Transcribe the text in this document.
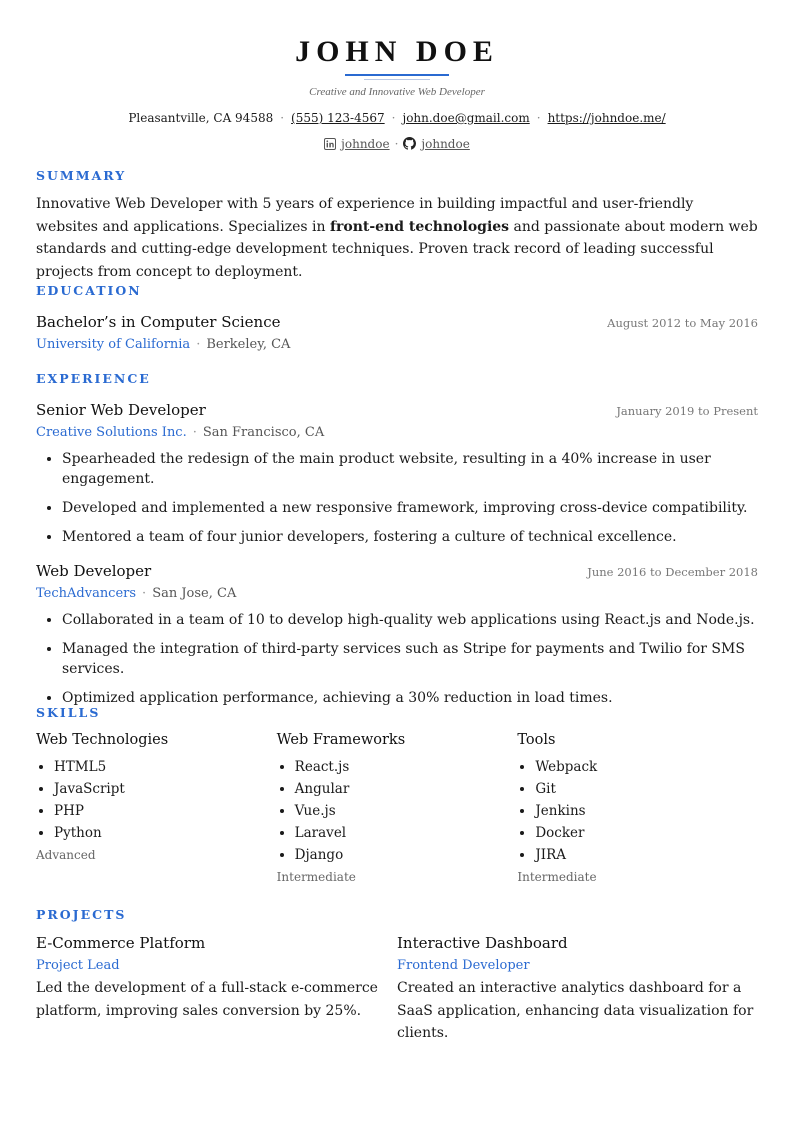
JOHN DOE
Creative and Innovative Web Developer
Pleasantville, CA 94588 · (555) 123-4567 · john.doe@gmail.com · https://johndoe.me/
johndoe · johndoe
SUMMARY
Innovative Web Developer with 5 years of experience in building impactful and user-friendly websites and applications. Specializes in front-end technologies and passionate about modern web standards and cutting-edge development techniques. Proven track record of leading successful projects from concept to deployment.
EDUCATION
Bachelor’s in Computer Science	August 2012 to May 2016
University of California · Berkeley, CA
EXPERIENCE
Senior Web Developer	January 2019 to Present
Creative Solutions Inc. · San Francisco, CA
• Spearheaded the redesign of the main product website, resulting in a 40% increase in user engagement.
• Developed and implemented a new responsive framework, improving cross-device compatibility.
• Mentored a team of four junior developers, fostering a culture of technical excellence.
Web Developer	June 2016 to December 2018
TechAdvancers · San Jose, CA
• Collaborated in a team of 10 to develop high-quality web applications using React.js and Node.js.
• Managed the integration of third-party services such as Stripe for payments and Twilio for SMS services.
• Optimized application performance, achieving a 30% reduction in load times.
SKILLS
Web Technologies
• HTML5
• JavaScript
• PHP
• Python
Advanced
Web Frameworks
• React.js
• Angular
• Vue.js
• Laravel
• Django
Intermediate
Tools
• Webpack
• Git
• Jenkins
• Docker
• JIRA
Intermediate
PROJECTS
E-Commerce Platform
Project Lead
Led the development of a full-stack e-commerce platform, improving sales conversion by 25%.
Interactive Dashboard
Frontend Developer
Created an interactive analytics dashboard for a SaaS application, enhancing data visualization for clients.
